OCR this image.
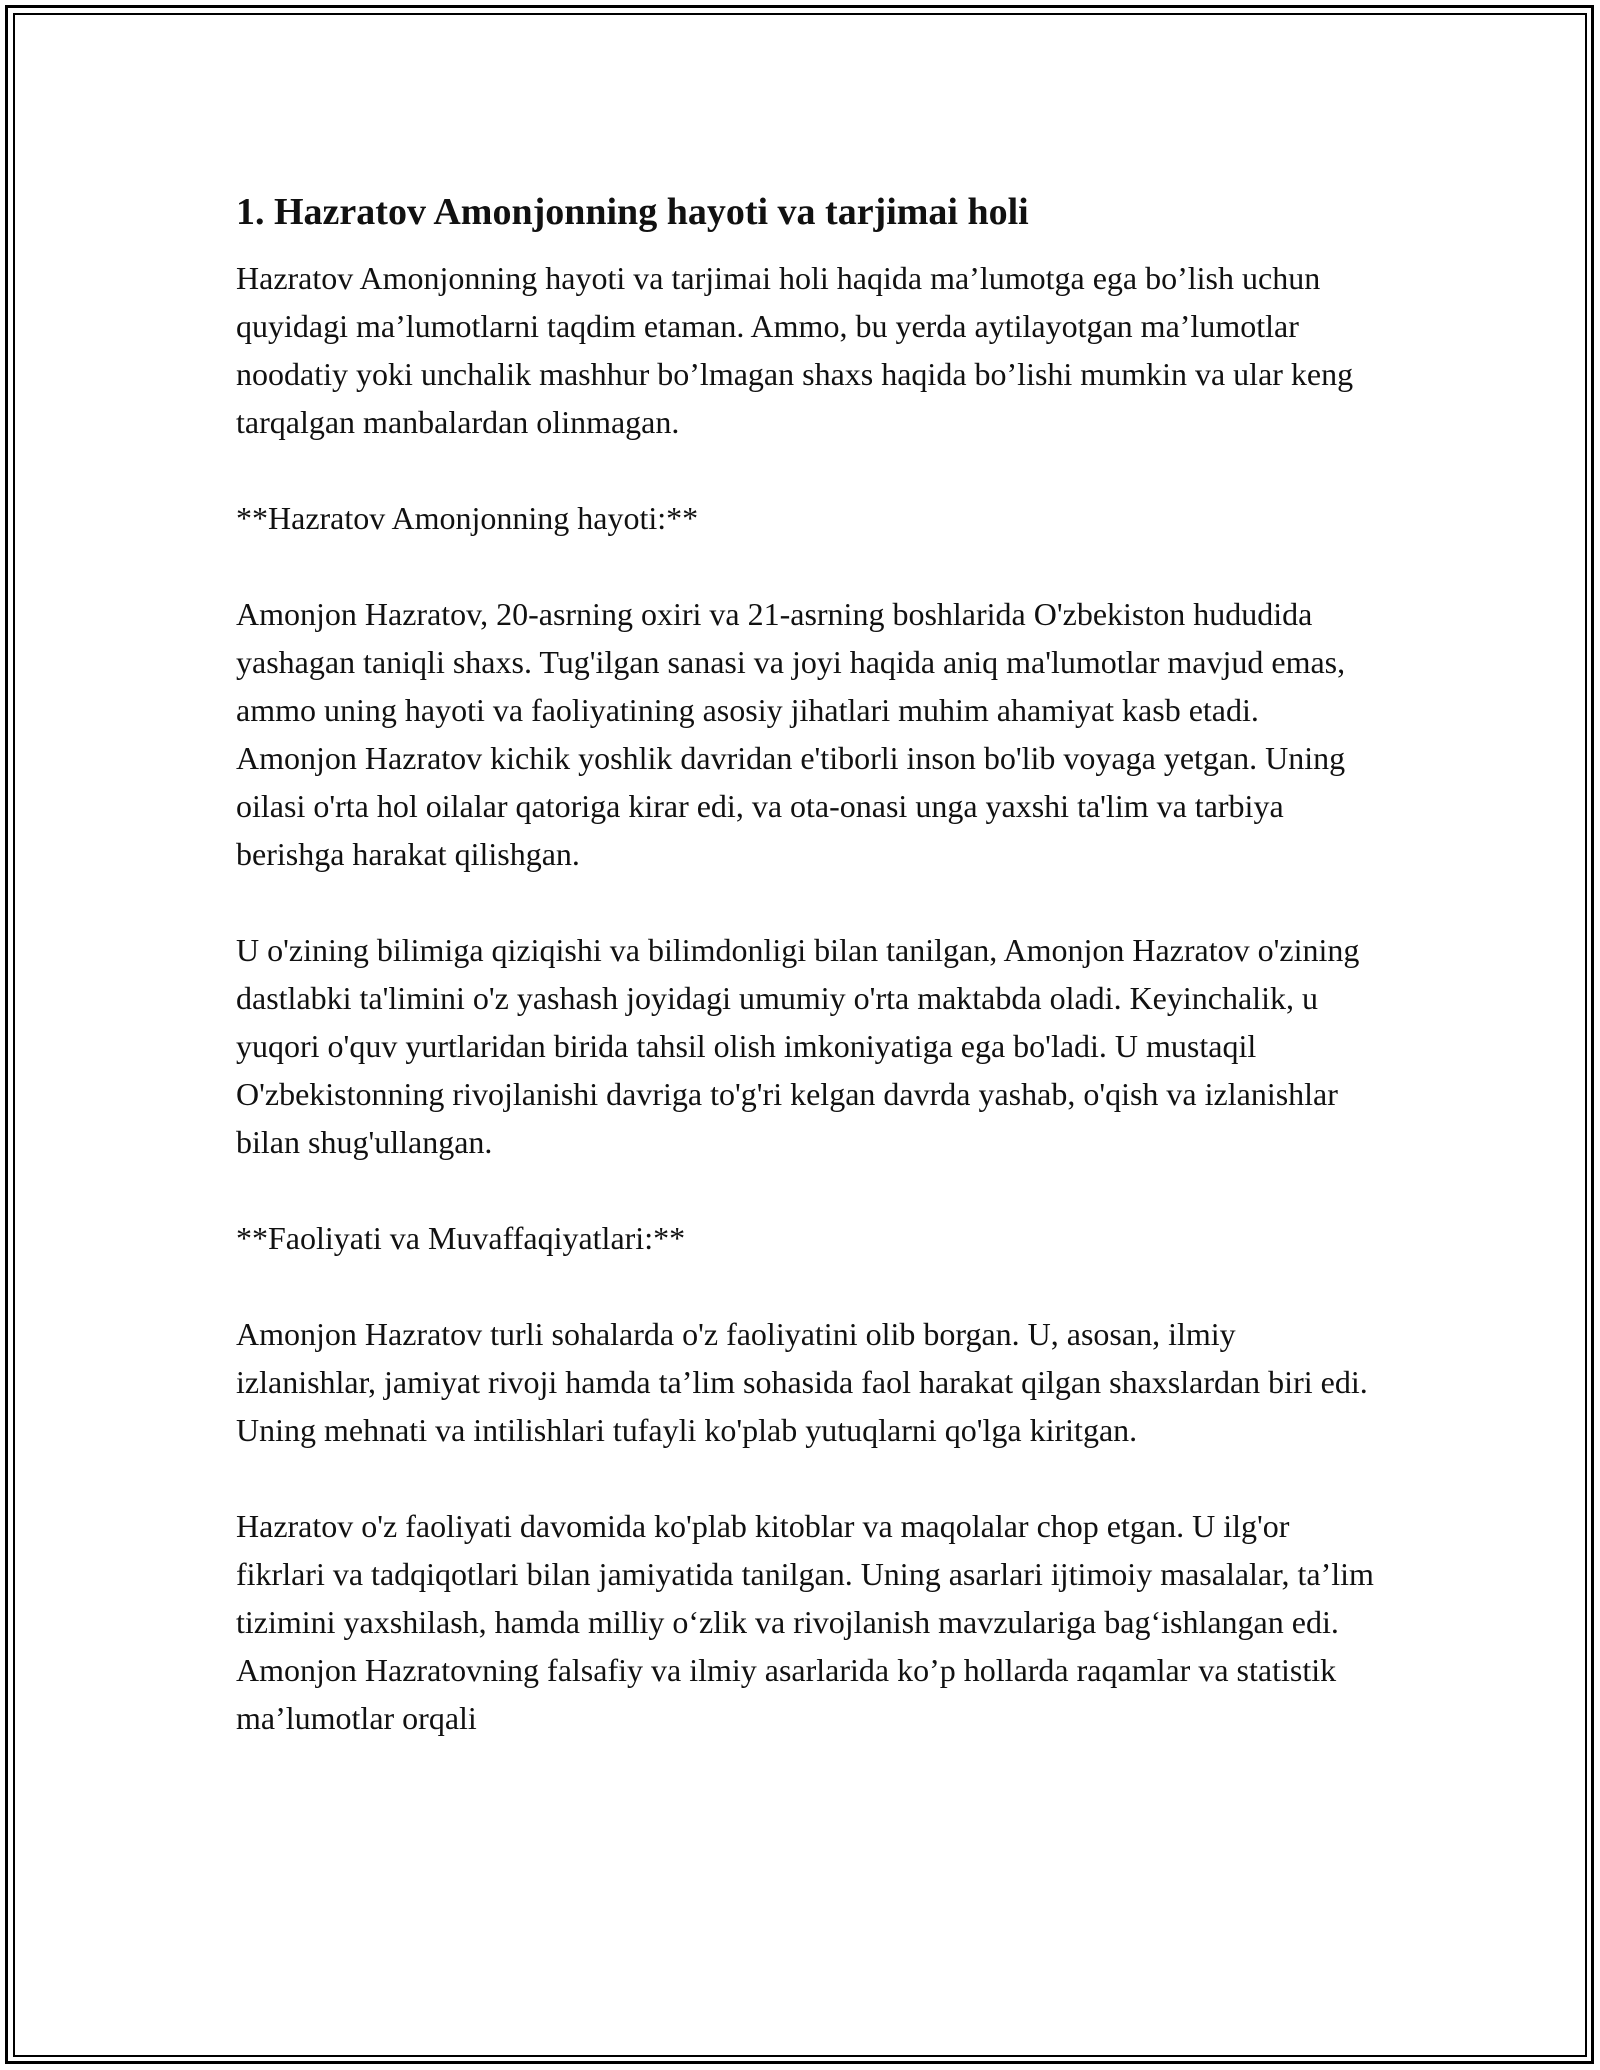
1. Hazratov Amonjonning hayoti va tarjimai holi

Hazratov Amonjonning hayoti va tarjimai holi haqida ma’lumotga ega bo’lish uchun quyidagi ma’lumotlarni taqdim etaman. Ammo, bu yerda aytilayotgan ma’lumotlar noodatiy yoki unchalik mashhur bo’lmagan shaxs haqida bo’lishi mumkin va ular keng tarqalgan manbalardan olinmagan.

**Hazratov Amonjonning hayoti:**

Amonjon Hazratov, 20-asrning oxiri va 21-asrning boshlarida O'zbekiston hududida yashagan taniqli shaxs. Tug'ilgan sanasi va joyi haqida aniq ma'lumotlar mavjud emas, ammo uning hayoti va faoliyatining asosiy jihatlari muhim ahamiyat kasb etadi. Amonjon Hazratov kichik yoshlik davridan e'tiborli inson bo'lib voyaga yetgan. Uning oilasi o'rta hol oilalar qatoriga kirar edi, va ota-onasi unga yaxshi ta'lim va tarbiya berishga harakat qilishgan.

U o'zining bilimiga qiziqishi va bilimdonligi bilan tanilgan, Amonjon Hazratov o'zining dastlabki ta'limini o'z yashash joyidagi umumiy o'rta maktabda oladi. Keyinchalik, u yuqori o'quv yurtlaridan birida tahsil olish imkoniyatiga ega bo'ladi. U mustaqil O'zbekistonning rivojlanishi davriga to'g'ri kelgan davrda yashab, o'qish va izlanishlar bilan shug'ullangan.

**Faoliyati va Muvaffaqiyatlari:**

Amonjon Hazratov turli sohalarda o'z faoliyatini olib borgan. U, asosan, ilmiy izlanishlar, jamiyat rivoji hamda ta’lim sohasida faol harakat qilgan shaxslardan biri edi. Uning mehnati va intilishlari tufayli ko'plab yutuqlarni qo'lga kiritgan.

Hazratov o'z faoliyati davomida ko'plab kitoblar va maqolalar chop etgan. U ilg'or fikrlari va tadqiqotlari bilan jamiyatida tanilgan. Uning asarlari ijtimoiy masalalar, ta’lim tizimini yaxshilash, hamda milliy o‘zlik va rivojlanish mavzulariga bag‘ishlangan edi. Amonjon Hazratovning falsafiy va ilmiy asarlarida ko’p hollarda raqamlar va statistik ma’lumotlar orqali
